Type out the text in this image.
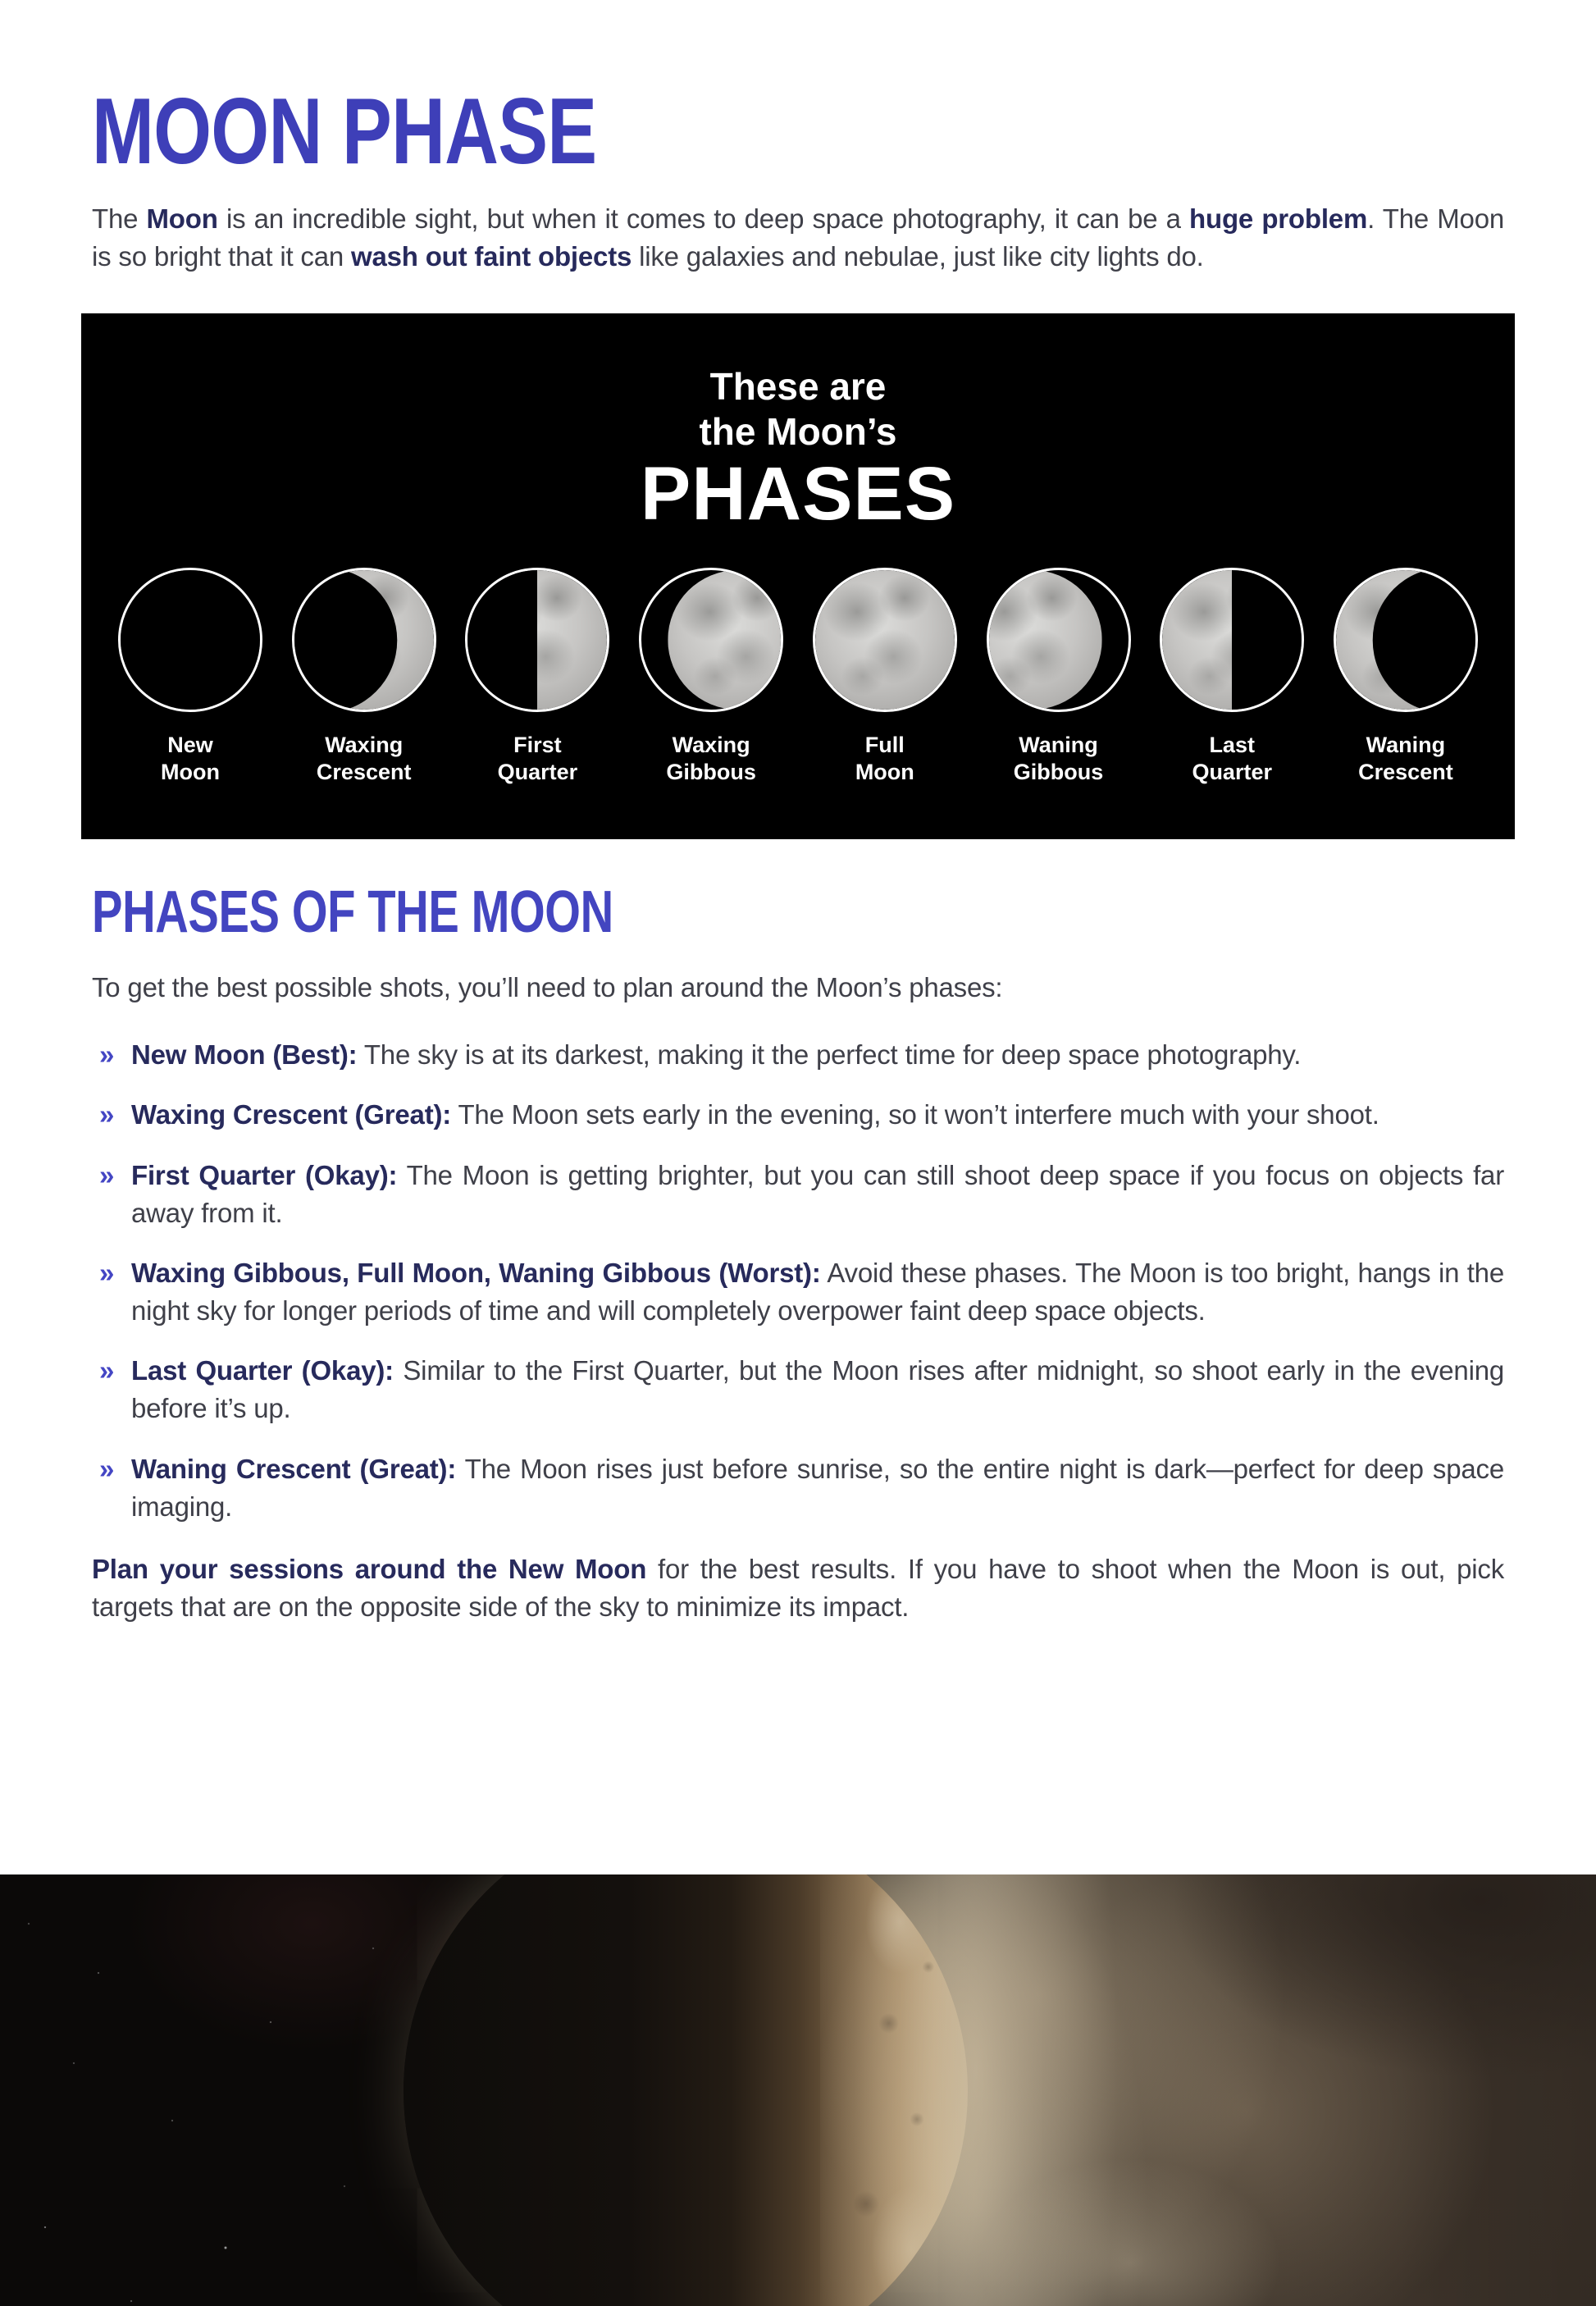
MOON PHASE

The Moon is an incredible sight, but when it comes to deep space photography, it can be a huge problem. The Moon is so bright that it can wash out faint objects like galaxies and nebulae, just like city lights do.

These are
the Moon’s
PHASES
New
Moon
Waxing
Crescent
First
Quarter
Waxing
Gibbous
Full
Moon
Waning
Gibbous
Last
Quarter
Waning
Crescent
PHASES OF THE MOON

To get the best possible shots, you’ll need to plan around the Moon’s phases:

» New Moon (Best): The sky is at its darkest, making it the perfect time for deep space photography.
» Waxing Crescent (Great): The Moon sets early in the evening, so it won’t interfere much with your shoot.
» First Quarter (Okay): The Moon is getting brighter, but you can still shoot deep space if you focus on objects far away from it.
» Waxing Gibbous, Full Moon, Waning Gibbous (Worst): Avoid these phases. The Moon is too bright, hangs in the night sky for longer periods of time and will completely overpower faint deep space objects.
» Last Quarter (Okay): Similar to the First Quarter, but the Moon rises after midnight, so shoot early in the evening before it’s up.
» Waning Crescent (Great): The Moon rises just before sunrise, so the entire night is dark—perfect for deep space imaging.

Plan your sessions around the New Moon for the best results. If you have to shoot when the Moon is out, pick targets that are on the opposite side of the sky to minimize its impact.
